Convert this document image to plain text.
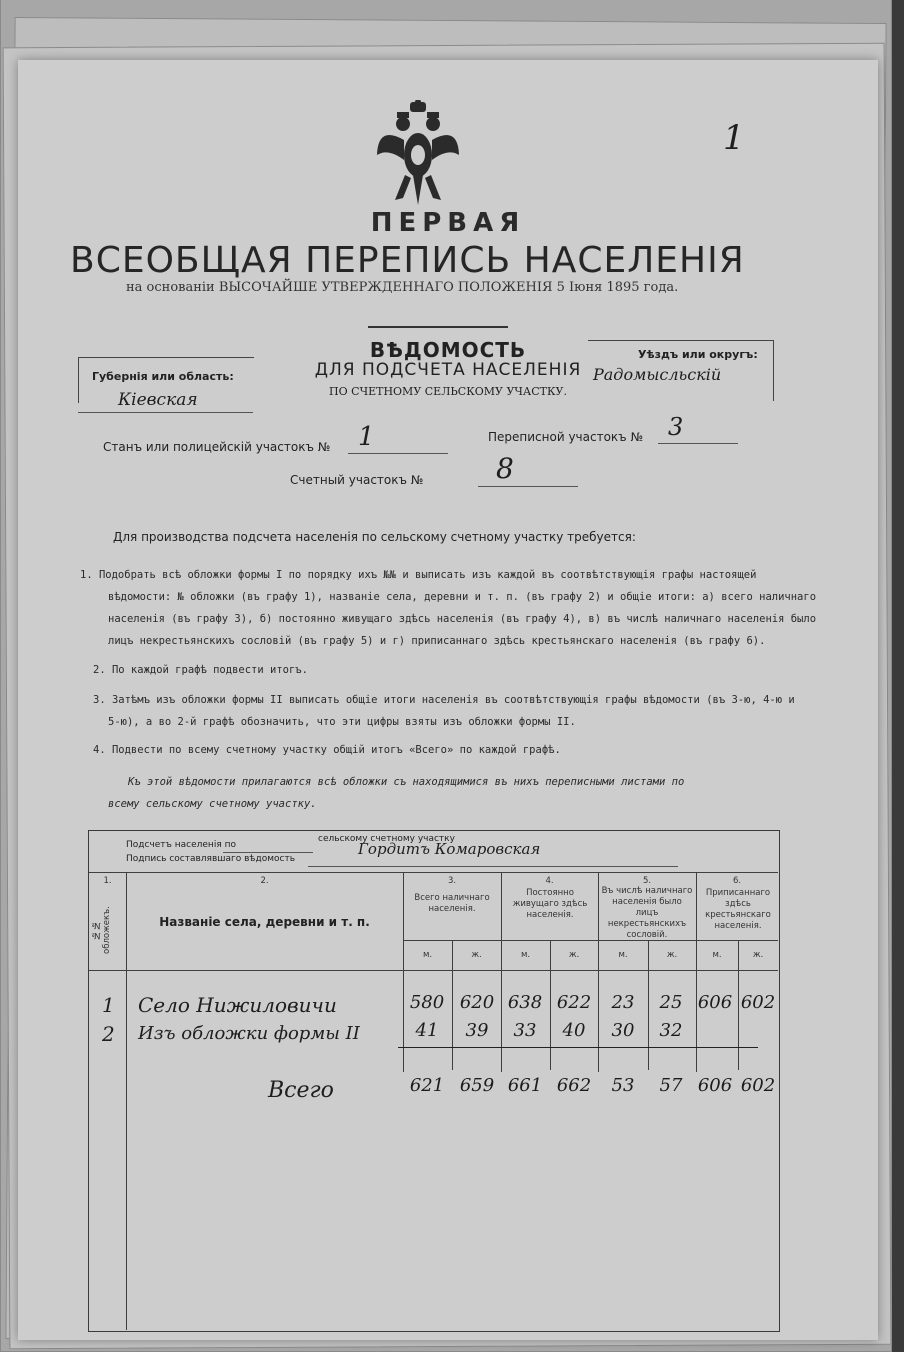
1
ПЕРВАЯ
ВСЕОБЩАЯ ПЕРЕПИСЬ НАСЕЛЕНІЯ
на основаніи ВЫСОЧАЙШЕ УТВЕРЖДЕННАГО ПОЛОЖЕНІЯ 5 Іюня 1895 года.
Губернія или область:
Кіевская
ВѢДОМОСТЬ
ДЛЯ ПОДСЧЕТА НАСЕЛЕНІЯ
ПО СЧЕТНОМУ СЕЛЬСКОМУ УЧАСТКУ.
Уѣздъ или округъ:
Радомысльскій
Станъ или полицейскій участокъ № 1	Переписной участокъ № 3
Счетный участокъ №	8
Для производства подсчета населенія по сельскому счетному участку требуется:
1. Подобрать всѣ обложки формы I по порядку ихъ №№ и выписать изъ каждой въ соотвѣтствующія графы настоящей
вѣдомости: № обложки (въ графу 1), названіе села, деревни и т. п. (въ графу 2) и общіе итоги: а) всего наличнаго
населенія (въ графу 3), б) постоянно живущаго здѣсь населенія (въ графу 4), в) въ числѣ наличнаго населенія было
лицъ некрестьянскихъ сословій (въ графу 5) и г) приписаннаго здѣсь крестьянскаго населенія (въ графу 6).
2. По каждой графѣ подвести итогъ.
3. Затѣмъ изъ обложки формы II выписать общіе итоги населенія въ соотвѣтствующія графы вѣдомости (въ 3-ю, 4-ю и
5-ю), а во 2-й графѣ обозначить, что эти цифры взяты изъ обложки формы II.
4. Подвести по всему счетному участку общій итогъ «Всего» по каждой графѣ.
Къ этой вѣдомости прилагаются всѣ обложки съ находящимися въ нихъ переписными листами по
всему сельскому счетному участку.
Подсчетъ населенія по
сельскому счетному участку
Подпись составлявшаго вѣдомость
Гордитъ Комаровская
1.
№№ обложекъ.
2.
Названіе села, деревни и т. п.
3.
Всего наличнаго населенія.
4.
Постоянно живущаго здѣсь населенія.
5.
Въ числѣ наличнаго населенія было лицъ некрестьянскихъ сословій.
6.
Приписаннаго здѣсь крестьянскаго населенія.
м.	ж.	м.	ж.	м.	ж.	м.	ж.
1 Село Нижиловичи	580 620 638 622	23	25 606 602
2 Изъ обложки формы II	41	39	33	40	30	32
Всего	621 659 661 662	53	57 606 602
